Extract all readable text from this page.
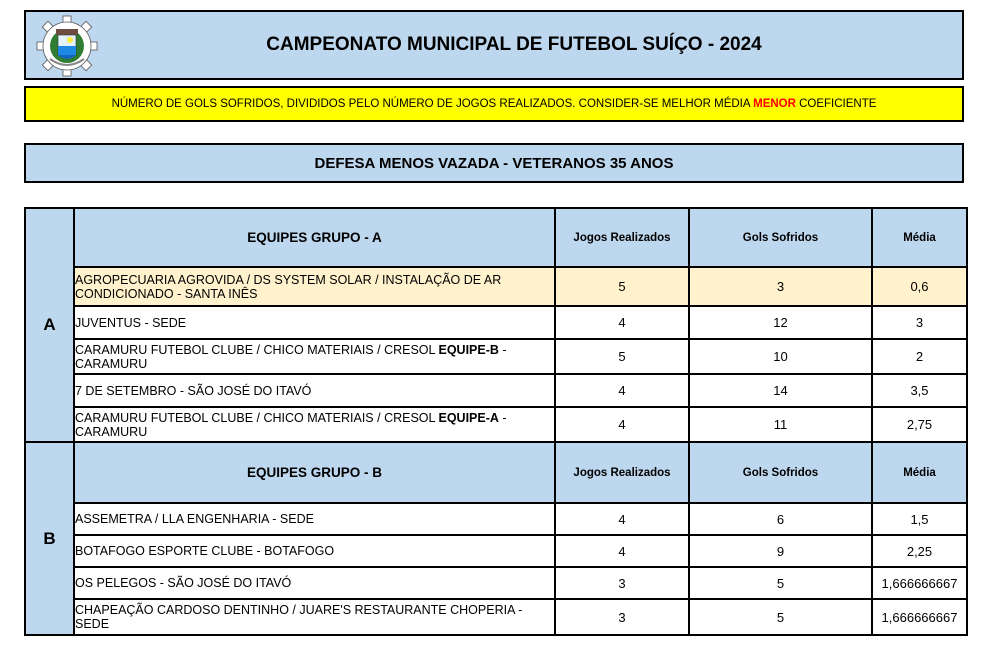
CAMPEONATO MUNICIPAL DE FUTEBOL SUÍÇO - 2024
NÚMERO DE GOLS SOFRIDOS, DIVIDIDOS PELO NÚMERO DE JOGOS REALIZADOS. CONSIDER-SE MELHOR MÉDIA MENOR COEFICIENTE
DEFESA MENOS VAZADA - VETERANOS 35 ANOS
A	EQUIPES GRUPO - A	Jogos Realizados	Gols Sofridos	Média
	AGROPECUARIA AGROVIDA / DS SYSTEM SOLAR / INSTALAÇÃO DE AR CONDICIONADO - SANTA INÊS	5	3	0,6
	JUVENTUS - SEDE	4	12	3
	CARAMURU FUTEBOL CLUBE / CHICO MATERIAIS / CRESOL EQUIPE-B - CARAMURU	5	10	2
	7 DE SETEMBRO - SÃO JOSÉ DO ITAVÓ	4	14	3,5
	CARAMURU FUTEBOL CLUBE / CHICO MATERIAIS / CRESOL EQUIPE-A - CARAMURU	4	11	2,75
B	EQUIPES GRUPO - B	Jogos Realizados	Gols Sofridos	Média
	ASSEMETRA / LLA ENGENHARIA - SEDE	4	6	1,5
	BOTAFOGO ESPORTE CLUBE - BOTAFOGO	4	9	2,25
	OS PELEGOS - SÃO JOSÉ DO ITAVÓ	3	5	1,666666667
	CHAPEAÇÃO CARDOSO DENTINHO / JUARE'S RESTAURANTE CHOPERIA - SEDE	3	5	1,666666667
